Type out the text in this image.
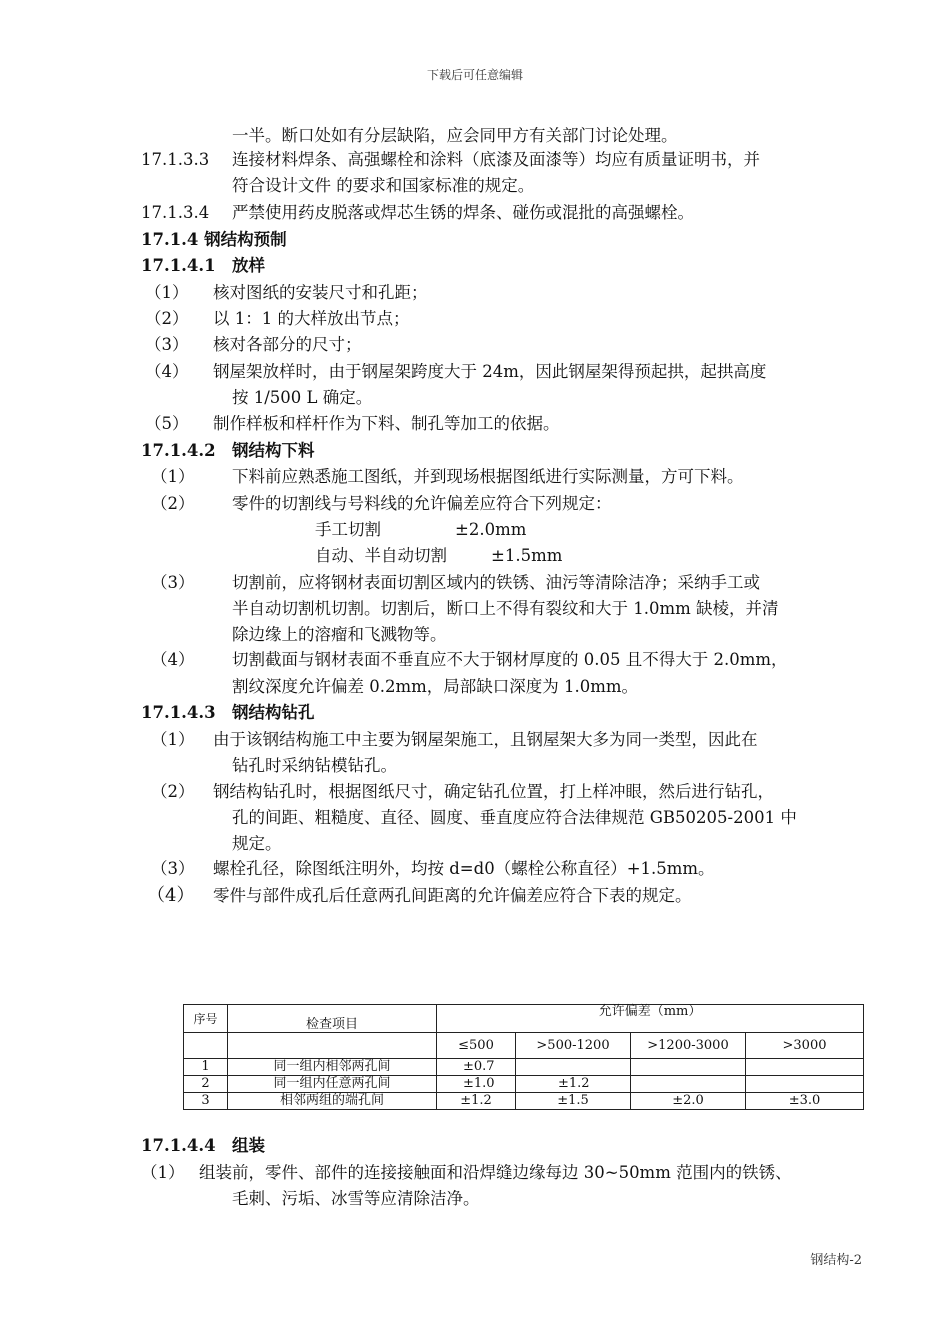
下载后可任意编辑
一半。断口处如有分层缺陷，应会同甲方有关部门讨论处理。
17.1.3.3 连接材料焊条、高强螺栓和涂料（底漆及面漆等）均应有质量证明书，并
符合设计文件 的要求和国家标准的规定。
17.1.3.4 严禁使用药皮脱落或焊芯生锈的焊条、碰伤或混批的高强螺栓。
17.1.4 钢结构预制
17.1.4.1 放样
（1） 核对图纸的安装尺寸和孔距；
（2） 以 1：1 的大样放出节点；
（3） 核对各部分的尺寸；
（4） 钢屋架放样时，由于钢屋架跨度大于 24m，因此钢屋架得预起拱，起拱高度
按 1/500 L 确定。
（5） 制作样板和样杆作为下料、制孔等加工的依据。
17.1.4.2 钢结构下料
（1） 下料前应熟悉施工图纸，并到现场根据图纸进行实际测量，方可下料。
（2） 零件的切割线与号料线的允许偏差应符合下列规定：
手工切割	±2.0mm
自动、半自动切割	±1.5mm
（3） 切割前，应将钢材表面切割区域内的铁锈、油污等清除洁净；采纳手工或
半自动切割机切割。切割后，断口上不得有裂纹和大于 1.0mm 缺棱，并清
除边缘上的溶瘤和飞溅物等。
（4） 切割截面与钢材表面不垂直应不大于钢材厚度的 0.05 且不得大于 2.0mm，
割纹深度允许偏差 0.2mm，局部缺口深度为 1.0mm。
17.1.4.3 钢结构钻孔
（1） 由于该钢结构施工中主要为钢屋架施工，且钢屋架大多为同一类型，因此在
钻孔时采纳钻模钻孔。
（2） 钢结构钻孔时，根据图纸尺寸，确定钻孔位置，打上样冲眼，然后进行钻孔，
孔的间距、粗糙度、直径、圆度、垂直度应符合法律规范 GB50205-2001 中
规定。
（3） 螺栓孔径，除图纸注明外，均按 d=d0（螺栓公称直径）+1.5mm。
（4） 零件与部件成孔后任意两孔间距离的允许偏差应符合下表的规定。
序号	检查项目	允许偏差（mm）			
		≤500	>500-1200	>1200-3000	>3000
1	同一组内相邻两孔间	±0.7			
2	同一组内任意两孔间	±1.0	±1.2		
3	相邻两组的端孔间	±1.2	±1.5	±2.0	±3.0
17.1.4.4 组装
（1） 组装前，零件、部件的连接接触面和沿焊缝边缘每边 30~50mm 范围内的铁锈、
毛刺、污垢、冰雪等应清除洁净。
钢结构-2
